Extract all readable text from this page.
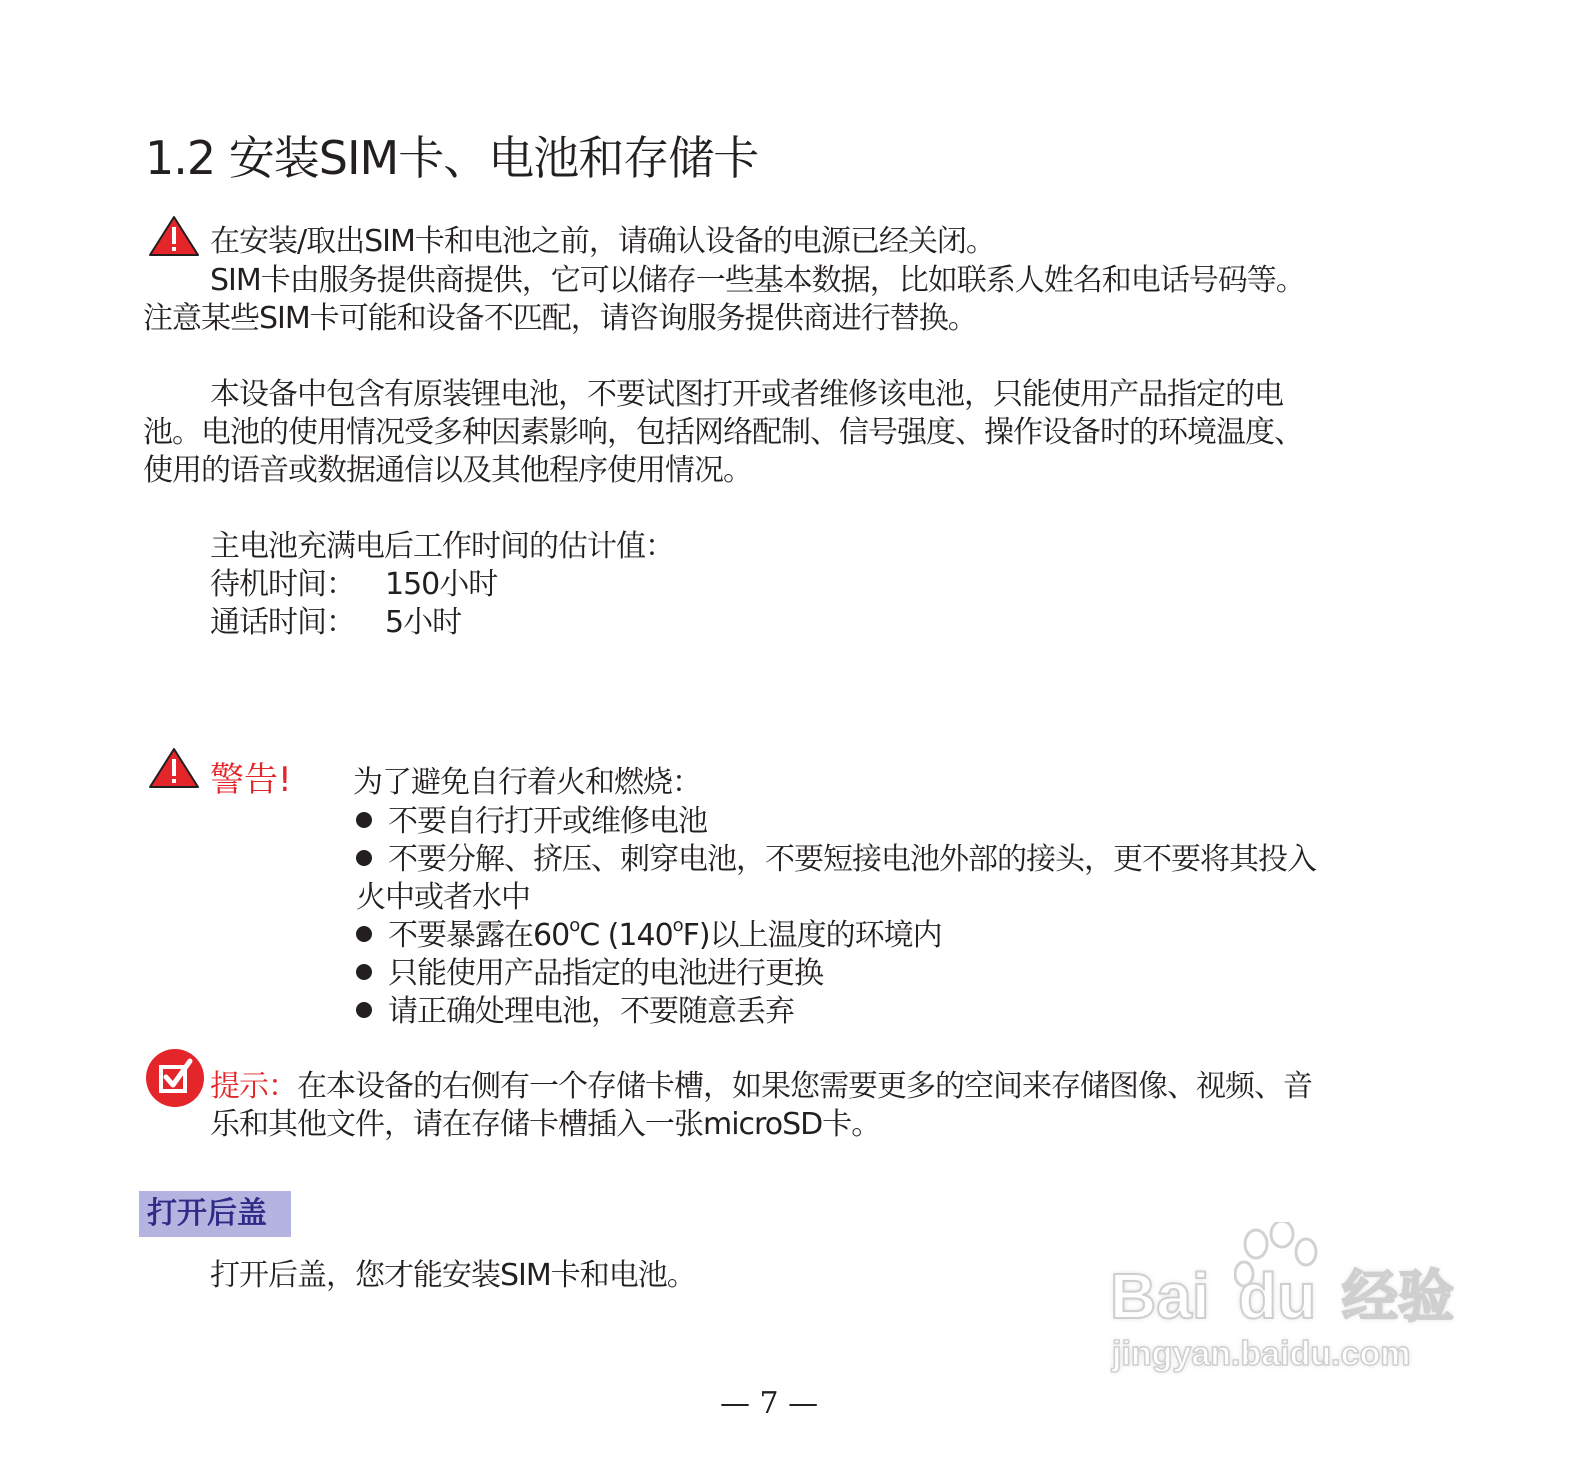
1.2 安装SIM卡、电池和存储卡
在安装/取出SIM卡和电池之前，请确认设备的电源已经关闭。
SIM卡由服务提供商提供，它可以储存一些基本数据，比如联系人姓名和电话号码等。
注意某些SIM卡可能和设备不匹配，请咨询服务提供商进行替换。
本设备中包含有原装锂电池，不要试图打开或者维修该电池，只能使用产品指定的电
池。电池的使用情况受多种因素影响，包括网络配制、信号强度、操作设备时的环境温度、
使用的语音或数据通信以及其他程序使用情况。
主电池充满电后工作时间的估计值：
待机时间： 150小时
通话时间： 5小时
警告! 为了避免自行着火和燃烧：
不要自行打开或维修电池
不要分解、挤压、刺穿电池，不要短接电池外部的接头，更不要将其投入
火中或者水中
不要暴露在60$^o$C (140$^o$F)以上温度的环境内
只能使用产品指定的电池进行更换
请正确处理电池，不要随意丢弃
提示：在本设备的右侧有一个存储卡槽，如果您需要更多的空间来存储图像、视频、音
乐和其他文件，请在存储卡槽插入一张microSD卡。
打开后盖
打开后盖，您才能安装SIM卡和电池。	Bai du 经验
jingyan.baidu.com
— 7 —
